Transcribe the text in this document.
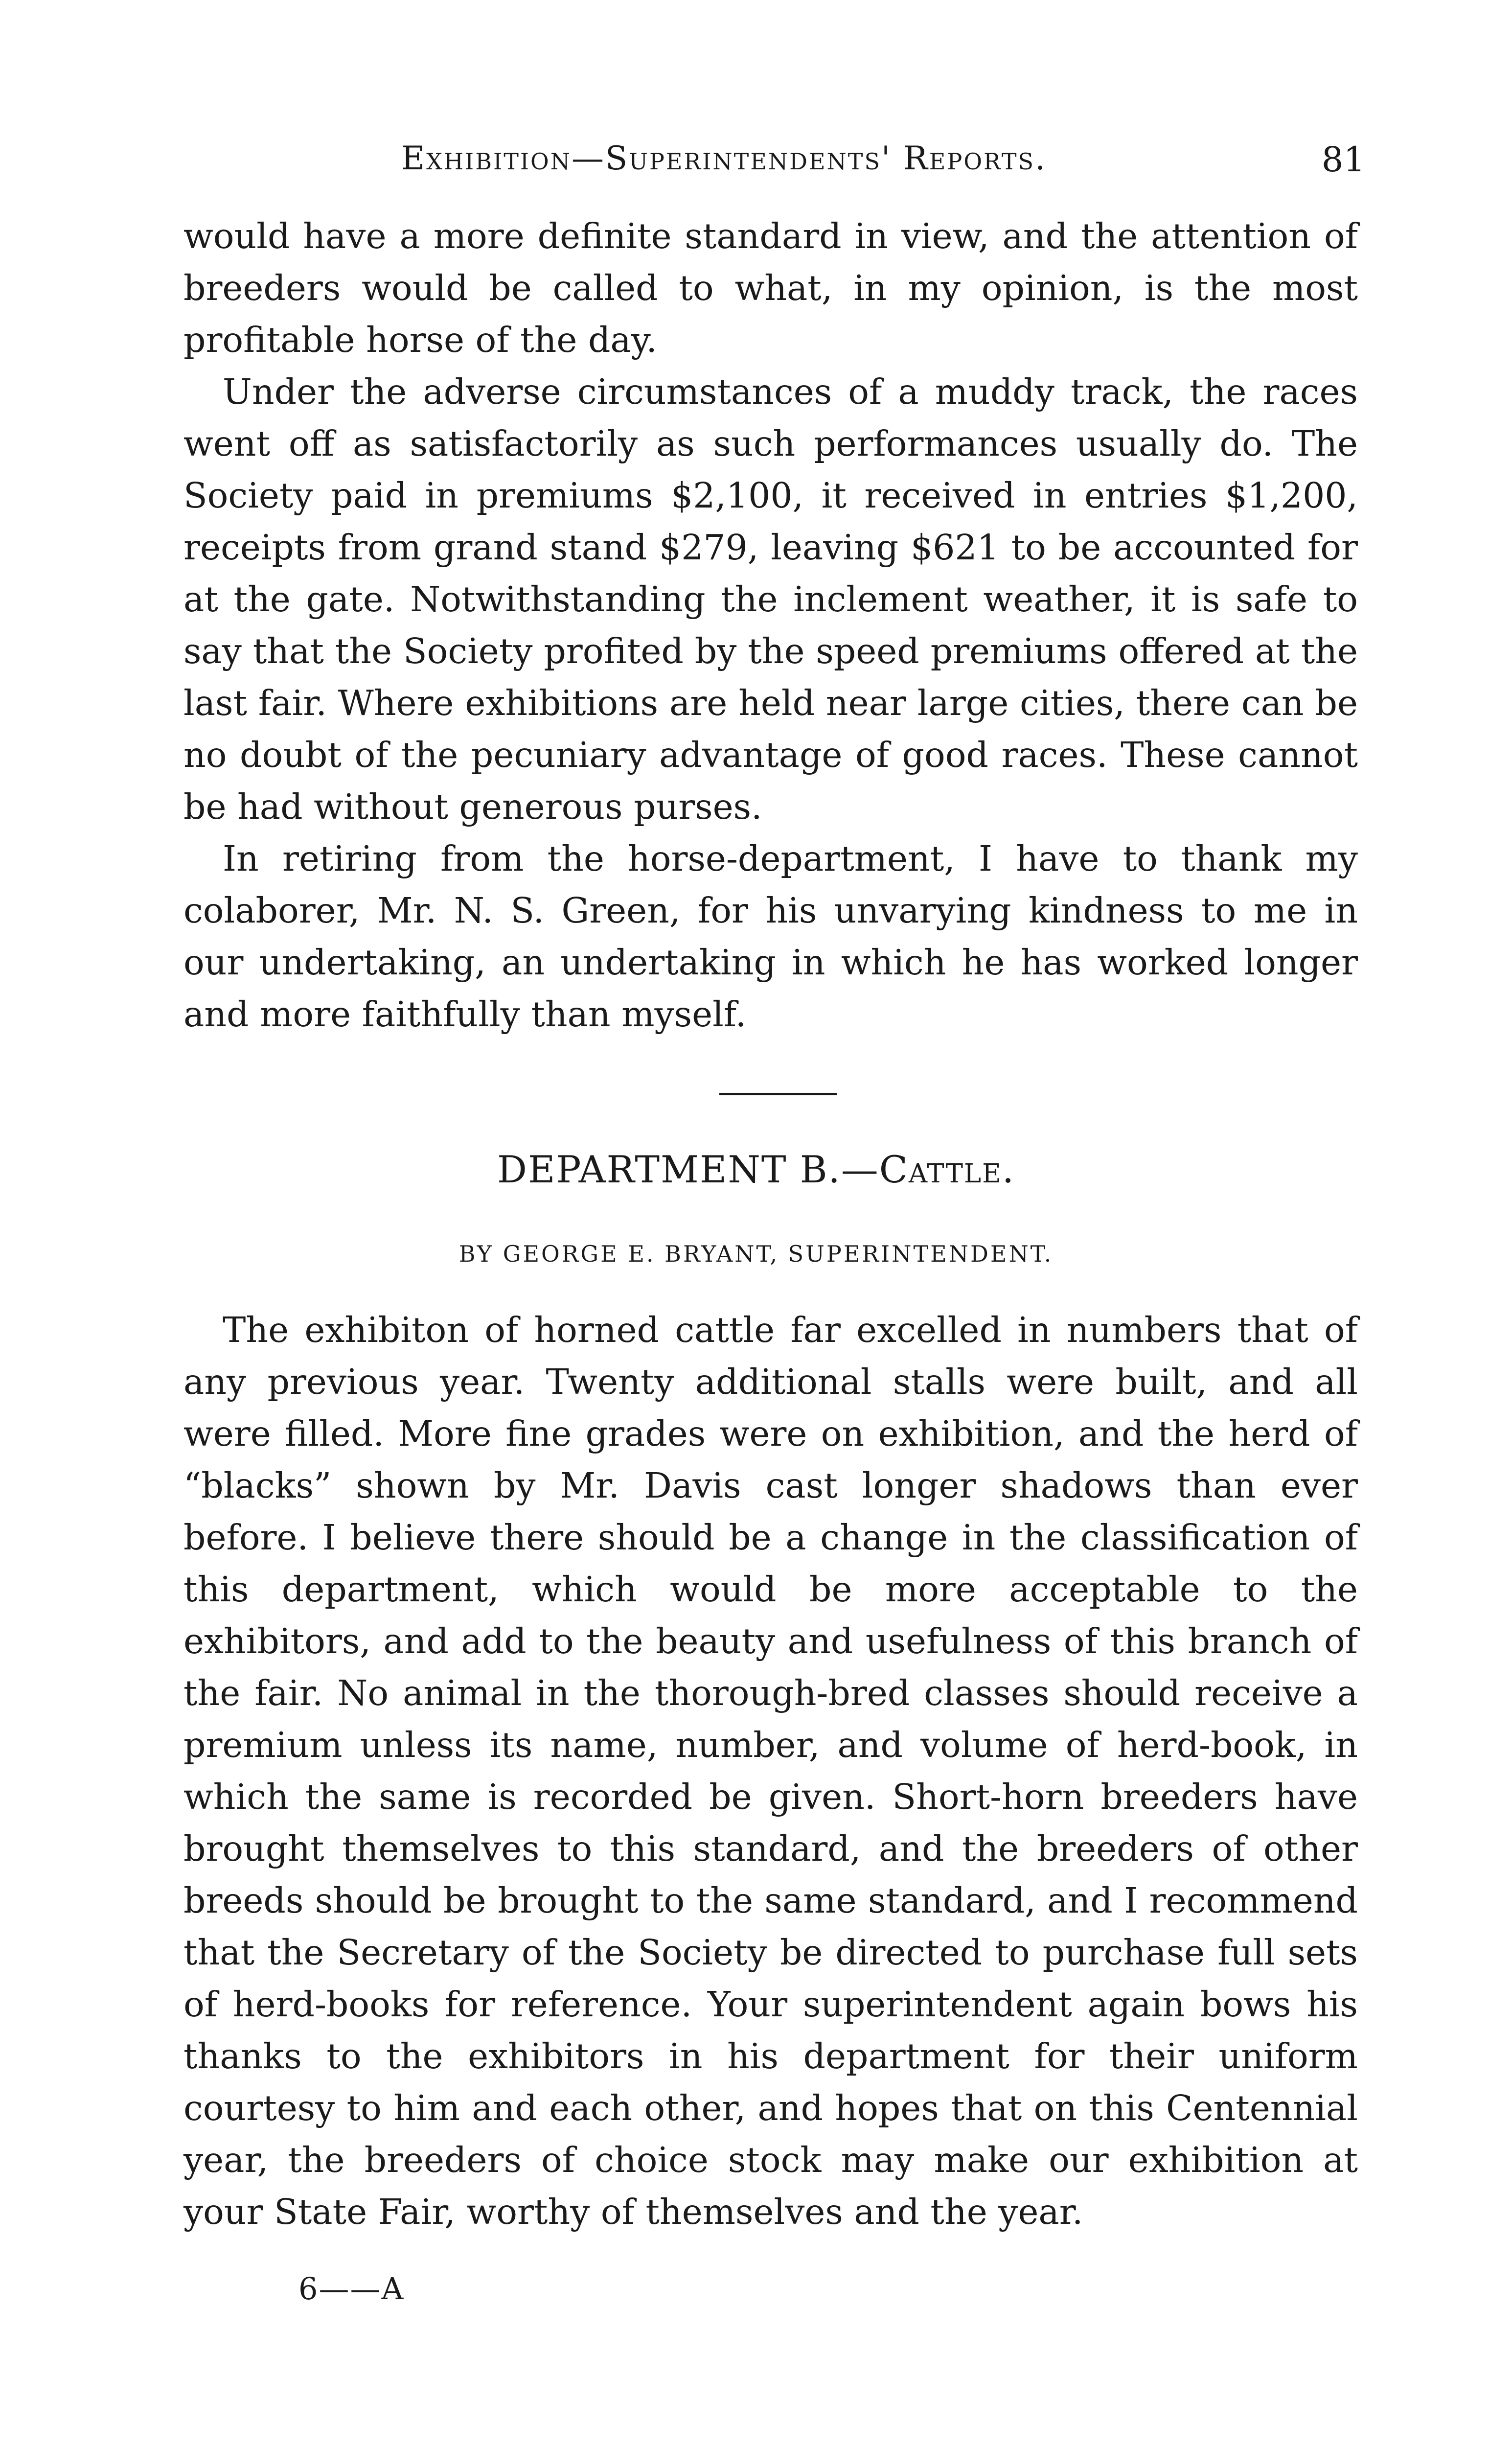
Exhibition—Superintendents' Reports.	81

would have a more definite standard in view, and the attention of breeders would be called to what, in my opinion, is the most profitable horse of the day.

Under the adverse circumstances of a muddy track, the races went off as satisfactorily as such performances usually do. The Society paid in premiums $2,100, it received in entries $1,200, receipts from grand stand $279, leaving $621 to be accounted for at the gate. Notwithstanding the inclement weather, it is safe to say that the Society profited by the speed premiums offered at the last fair. Where exhibitions are held near large cities, there can be no doubt of the pecuniary advantage of good races. These cannot be had without generous purses.

In retiring from the horse-department, I have to thank my colaborer, Mr. N. S. Green, for his unvarying kindness to me in our undertaking, an undertaking in which he has worked longer and more faithfully than myself.

DEPARTMENT B.—Cattle.
BY GEORGE E. BRYANT, SUPERINTENDENT.

The exhibiton of horned cattle far excelled in numbers that of any previous year. Twenty additional stalls were built, and all were filled. More fine grades were on exhibition, and the herd of “blacks” shown by Mr. Davis cast longer shadows than ever before. I believe there should be a change in the classification of this department, which would be more acceptable to the exhibitors, and add to the beauty and usefulness of this branch of the fair. No animal in the thorough-bred classes should receive a premium unless its name, number, and volume of herd-book, in which the same is recorded be given. Short-horn breeders have brought themselves to this standard, and the breeders of other breeds should be brought to the same standard, and I recommend that the Secretary of the Society be directed to purchase full sets of herd-books for reference. Your superintendent again bows his thanks to the exhibitors in his department for their uniform courtesy to him and each other, and hopes that on this Centennial year, the breeders of choice stock may make our exhibition at your State Fair, worthy of themselves and the year.

6——A
